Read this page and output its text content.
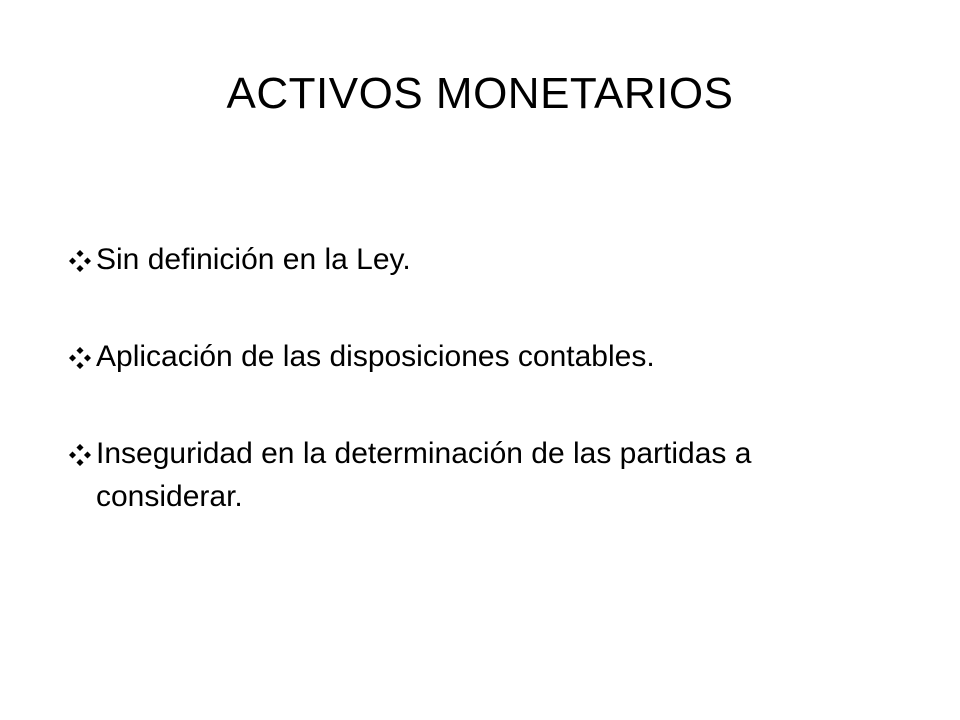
ACTIVOS MONETARIOS
Sin definición en la Ley.
Aplicación de las disposiciones contables.
Inseguridad en la determinación de las partidas a considerar.
